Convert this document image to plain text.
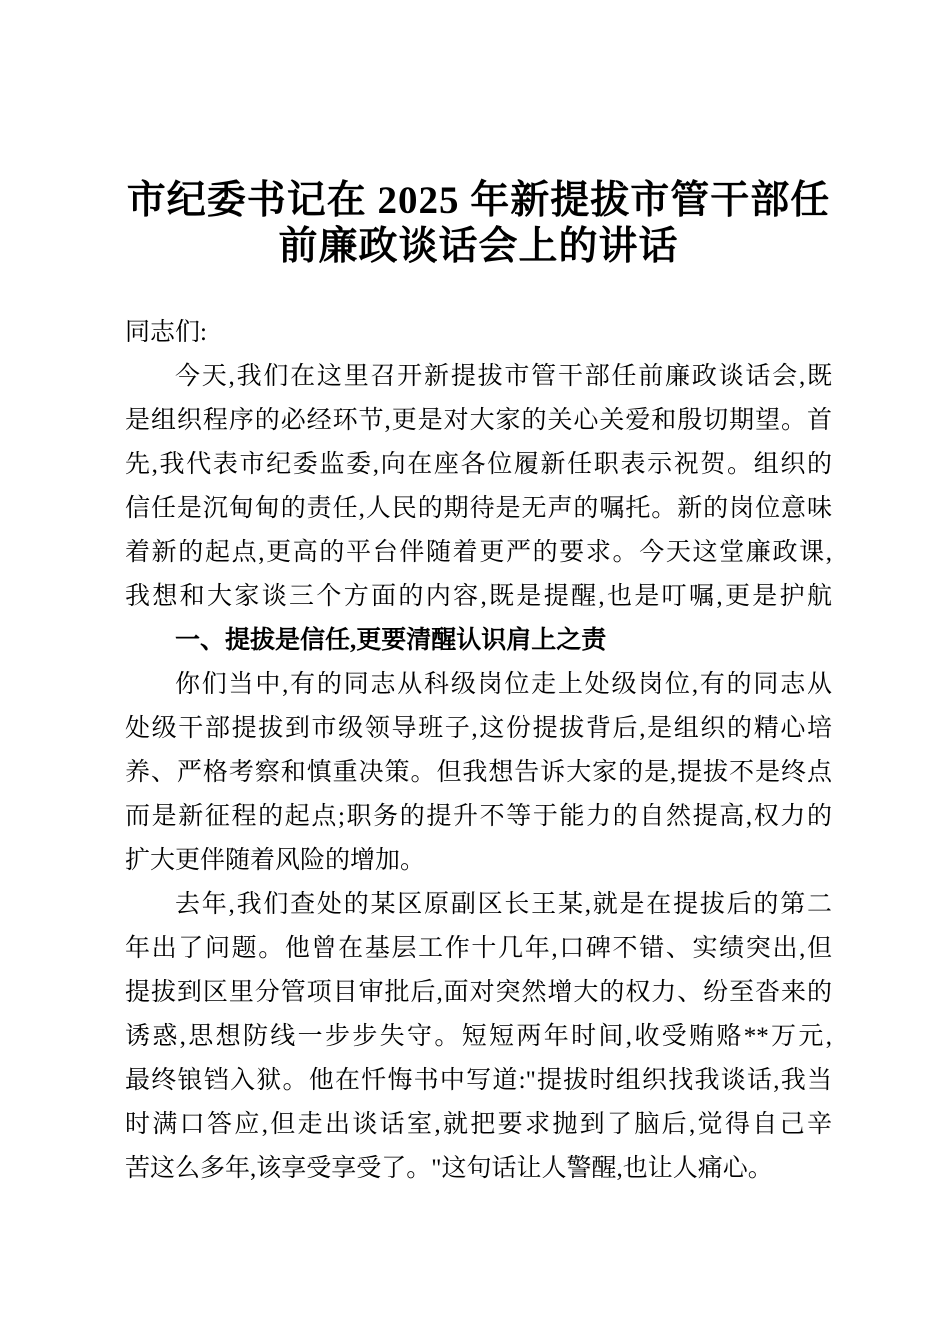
市纪委书记在 2025 年新提拔市管干部任
前廉政谈话会上的讲话
同志们:
今天,我们在这里召开新提拔市管干部任前廉政谈话会,既
是组织程序的必经环节,更是对大家的关心关爱和殷切期望。首
先,我代表市纪委监委,向在座各位履新任职表示祝贺。组织的
信任是沉甸甸的责任,人民的期待是无声的嘱托。新的岗位意味
着新的起点,更高的平台伴随着更严的要求。今天这堂廉政课,
我想和大家谈三个方面的内容,既是提醒,也是叮嘱,更是护航
一、提拔是信任,更要清醒认识肩上之责
你们当中,有的同志从科级岗位走上处级岗位,有的同志从
处级干部提拔到市级领导班子,这份提拔背后,是组织的精心培
养、严格考察和慎重决策。但我想告诉大家的是,提拔不是终点
而是新征程的起点;职务的提升不等于能力的自然提高,权力的
扩大更伴随着风险的增加。
去年,我们查处的某区原副区长王某,就是在提拔后的第二
年出了问题。他曾在基层工作十几年,口碑不错、实绩突出,但
提拔到区里分管项目审批后,面对突然增大的权力、纷至沓来的
诱惑,思想防线一步步失守。短短两年时间,收受贿赂**万元,
最终锒铛入狱。他在忏悔书中写道:"提拔时组织找我谈话,我当
时满口答应,但走出谈话室,就把要求抛到了脑后,觉得自己辛
苦这么多年,该享受享受了。"这句话让人警醒,也让人痛心。
